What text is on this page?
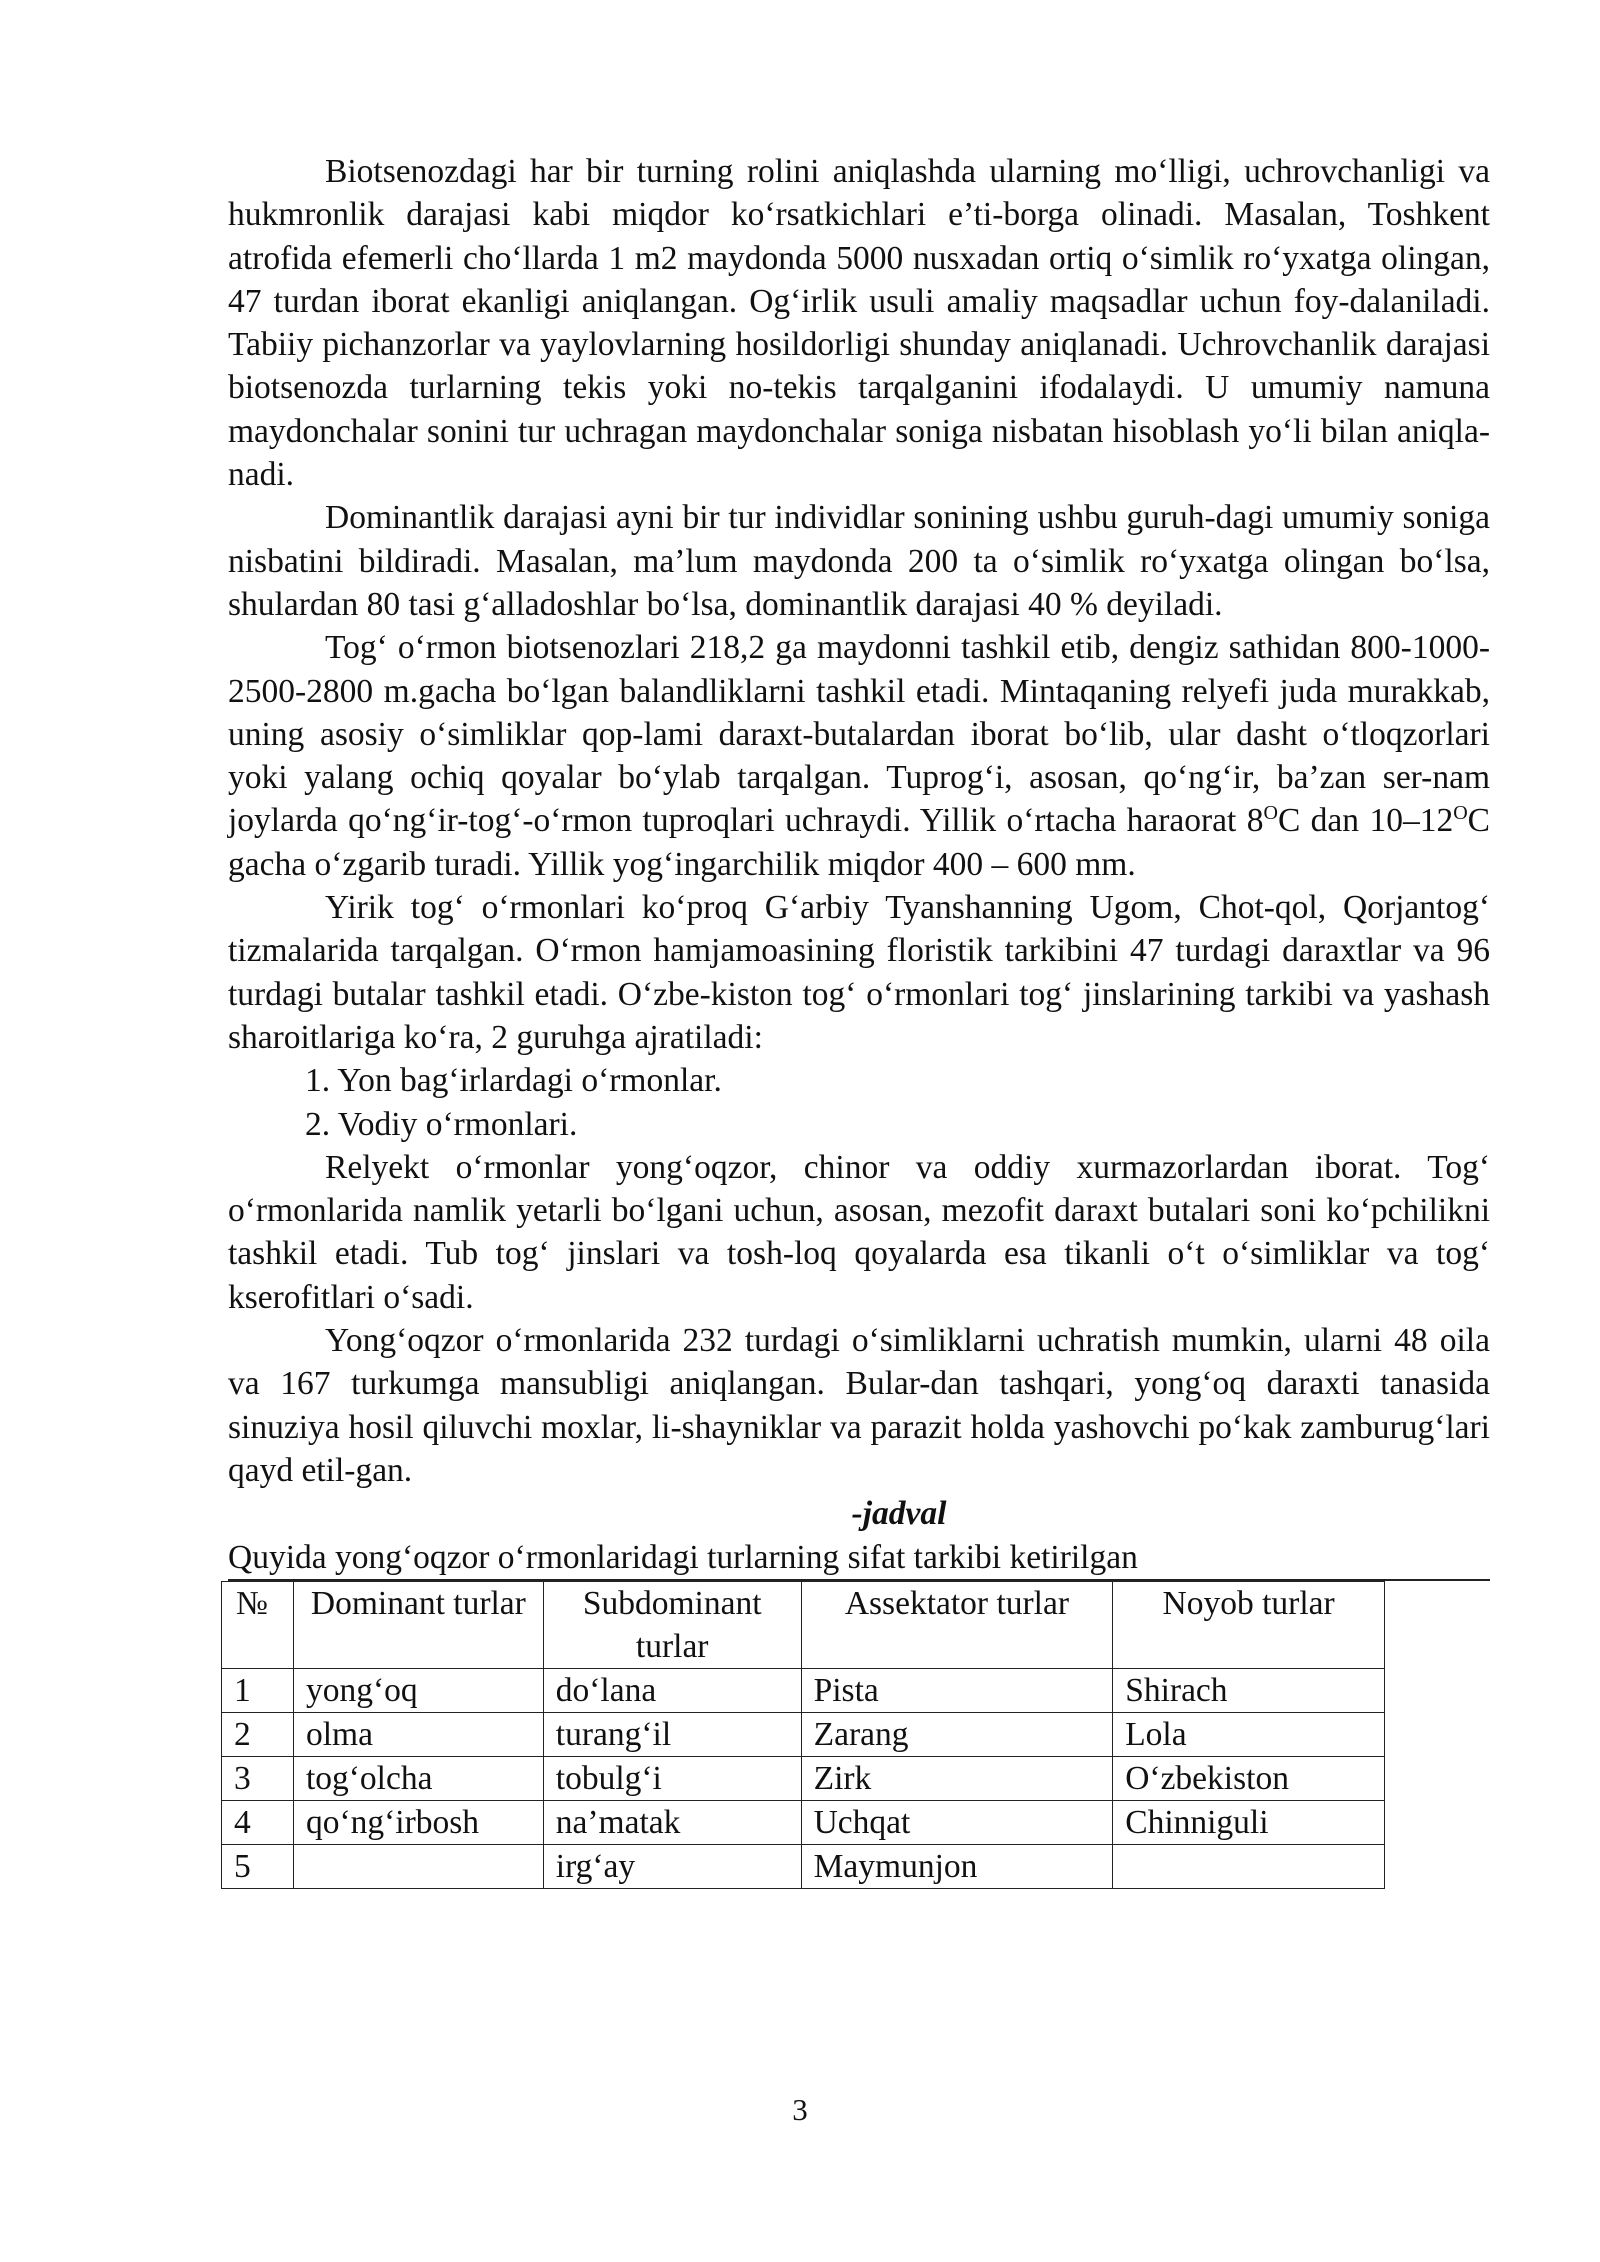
Biotsenozdagi har bir turning rolini aniqlashda ularning mo‘lligi, uchrovchanligi va hukmronlik darajasi kabi miqdor ko‘rsatkichlari e’ti-borga olinadi. Masalan, Toshkent atrofida efemerli cho‘llarda 1 m2 maydonda 5000 nusxadan ortiq o‘simlik ro‘yxatga olingan, 47 turdan iborat ekanligi aniqlangan. Og‘irlik usuli amaliy maqsadlar uchun foy-dalaniladi. Tabiiy pichanzorlar va yaylovlarning hosildorligi shunday aniqlanadi. Uchrovchanlik darajasi biotsenozda turlarning tekis yoki no-tekis tarqalganini ifodalaydi. U umumiy namuna maydonchalar sonini tur uchragan maydonchalar soniga nisbatan hisoblash yo‘li bilan aniqla-nadi.

Dominantlik darajasi ayni bir tur individlar sonining ushbu guruh-dagi umumiy soniga nisbatini bildiradi. Masalan, ma’lum maydonda 200 ta o‘simlik ro‘yxatga olingan bo‘lsa, shulardan 80 tasi g‘alladoshlar bo‘lsa, dominantlik darajasi 40 % deyiladi.

Tog‘ o‘rmon biotsenozlari 218,2 ga maydonni tashkil etib, dengiz sathidan 800-1000-2500-2800 m.gacha bo‘lgan balandliklarni tashkil etadi. Mintaqaning relyefi juda murakkab, uning asosiy o‘simliklar qop-lami daraxt-butalardan iborat bo‘lib, ular dasht o‘tloqzorlari yoki yalang ochiq qoyalar bo‘ylab tarqalgan. Tuprog‘i, asosan, qo‘ng‘ir, ba’zan ser-nam joylarda qo‘ng‘ir-tog‘-o‘rmon tuproqlari uchraydi. Yillik o‘rtacha haraorat $8^OC$ dan $10-12^OC$ gacha o‘zgarib turadi. Yillik yog‘ingarchilik miqdor 400 – 600 mm.

Yirik tog‘ o‘rmonlari ko‘proq G‘arbiy Tyanshanning Ugom, Chot-qol, Qorjantog‘ tizmalarida tarqalgan. O‘rmon hamjamoasining floristik tarkibini 47 turdagi daraxtlar va 96 turdagi butalar tashkil etadi. O‘zbe-kiston tog‘ o‘rmonlari tog‘ jinslarining tarkibi va yashash sharoitlariga ko‘ra, 2 guruhga ajratiladi:

1. Yon bag‘irlardagi o‘rmonlar.

2. Vodiy o‘rmonlari.

Relyekt o‘rmonlar yong‘oqzor, chinor va oddiy xurmazorlardan iborat. Tog‘ o‘rmonlarida namlik yetarli bo‘lgani uchun, asosan, mezofit daraxt butalari soni ko‘pchilikni tashkil etadi. Tub tog‘ jinslari va tosh-loq qoyalarda esa tikanli o‘t o‘simliklar va tog‘ kserofitlari o‘sadi.

Yong‘oqzor o‘rmonlarida 232 turdagi o‘simliklarni uchratish mumkin, ularni 48 oila va 167 turkumga mansubligi aniqlangan. Bular-dan tashqari, yong‘oq daraxti tanasida sinuziya hosil qiluvchi moxlar, li-shayniklar va parazit holda yashovchi po‘kak zamburug‘lari qayd etil-gan.

-jadval

Quyida yong‘oqzor o‘rmonlaridagi turlarning sifat tarkibi ketirilgan

№	Dominant turlar	Subdominant turlar	Assektator turlar	Noyob turlar
1	yong‘oq	do‘lana	Pista	Shirach
2	olma	turang‘il	Zarang	Lola
3	tog‘olcha	tobulg‘i	Zirk	O‘zbekiston
4	qo‘ng‘irbosh	na’matak	Uchqat	Chinniguli
5		irg‘ay	Maymunjon	
3
